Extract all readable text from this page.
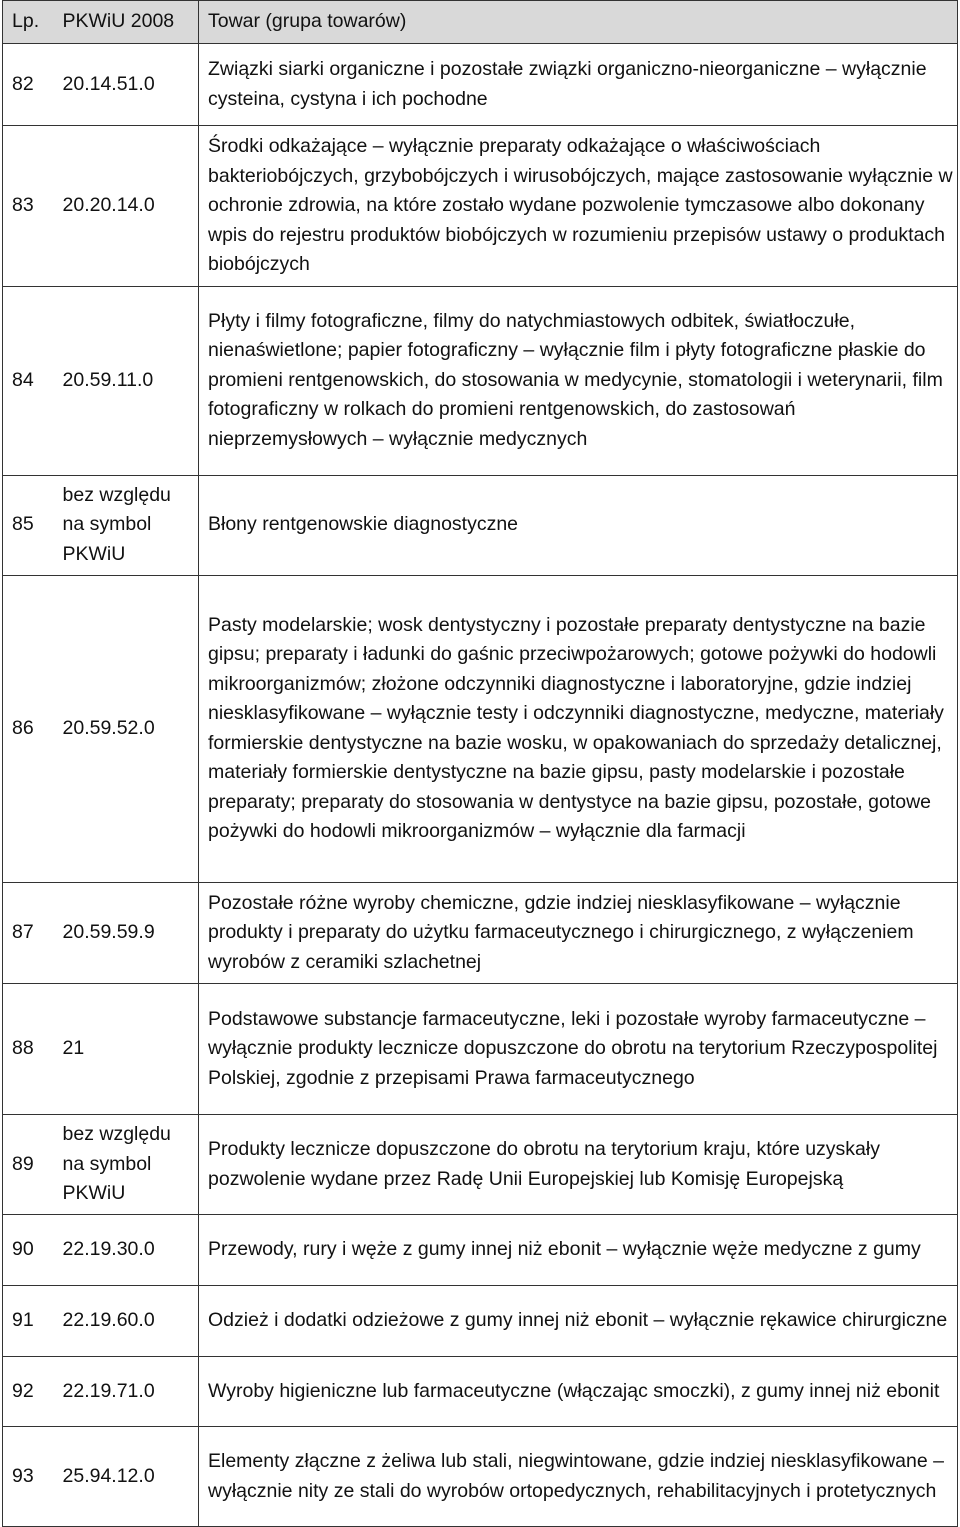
Lp.	PKWiU 2008	Towar (grupa towarów)
82	20.14.51.0	Związki siarki organiczne i pozostałe związki organiczno-nieorganiczne – wyłącznie cysteina, cystyna i ich pochodne
83	20.20.14.0	Środki odkażające – wyłącznie preparaty odkażające o właściwościach bakteriobójczych, grzybobójczych i wirusobójczych, mające zastosowanie wyłącznie w ochronie zdrowia, na które zostało wydane pozwolenie tymczasowe albo dokonany wpis do rejestru produktów biobójczych w rozumieniu przepisów ustawy o produktach biobójczych
84	20.59.11.0	Płyty i filmy fotograficzne, filmy do natychmiastowych odbitek, światłoczułe, nienaświetlone; papier fotograficzny – wyłącznie film i płyty fotograficzne płaskie do promieni rentgenowskich, do stosowania w medycynie, stomatologii i weterynarii, film fotograficzny w rolkach do promieni rentgenowskich, do zastosowań nieprzemysłowych – wyłącznie medycznych
85	bez względu na symbol PKWiU	Błony rentgenowskie diagnostyczne
86	20.59.52.0	Pasty modelarskie; wosk dentystyczny i pozostałe preparaty dentystyczne na bazie gipsu; preparaty i ładunki do gaśnic przeciwpożarowych; gotowe pożywki do hodowli mikroorganizmów; złożone odczynniki diagnostyczne i laboratoryjne, gdzie indziej niesklasyfikowane – wyłącznie testy i odczynniki diagnostyczne, medyczne, materiały formierskie dentystyczne na bazie wosku, w opakowaniach do sprzedaży detalicznej, materiały formierskie dentystyczne na bazie gipsu, pasty modelarskie i pozostałe preparaty; preparaty do stosowania w dentystyce na bazie gipsu, pozostałe, gotowe pożywki do hodowli mikroorganizmów – wyłącznie dla farmacji
87	20.59.59.9	Pozostałe różne wyroby chemiczne, gdzie indziej niesklasyfikowane – wyłącznie produkty i preparaty do użytku farmaceutycznego i chirurgicznego, z wyłączeniem wyrobów z ceramiki szlachetnej
88	21	Podstawowe substancje farmaceutyczne, leki i pozostałe wyroby farmaceutyczne – wyłącznie produkty lecznicze dopuszczone do obrotu na terytorium Rzeczypospolitej Polskiej, zgodnie z przepisami Prawa farmaceutycznego
89	bez względu na symbol PKWiU	Produkty lecznicze dopuszczone do obrotu na terytorium kraju, które uzyskały pozwolenie wydane przez Radę Unii Europejskiej lub Komisję Europejską
90	22.19.30.0	Przewody, rury i węże z gumy innej niż ebonit – wyłącznie węże medyczne z gumy
91	22.19.60.0	Odzież i dodatki odzieżowe z gumy innej niż ebonit – wyłącznie rękawice chirurgiczne
92	22.19.71.0	Wyroby higieniczne lub farmaceutyczne (włączając smoczki), z gumy innej niż ebonit
93	25.94.12.0	Elementy złączne z żeliwa lub stali, niegwintowane, gdzie indziej niesklasyfikowane – wyłącznie nity ze stali do wyrobów ortopedycznych, rehabilitacyjnych i protetycznych
